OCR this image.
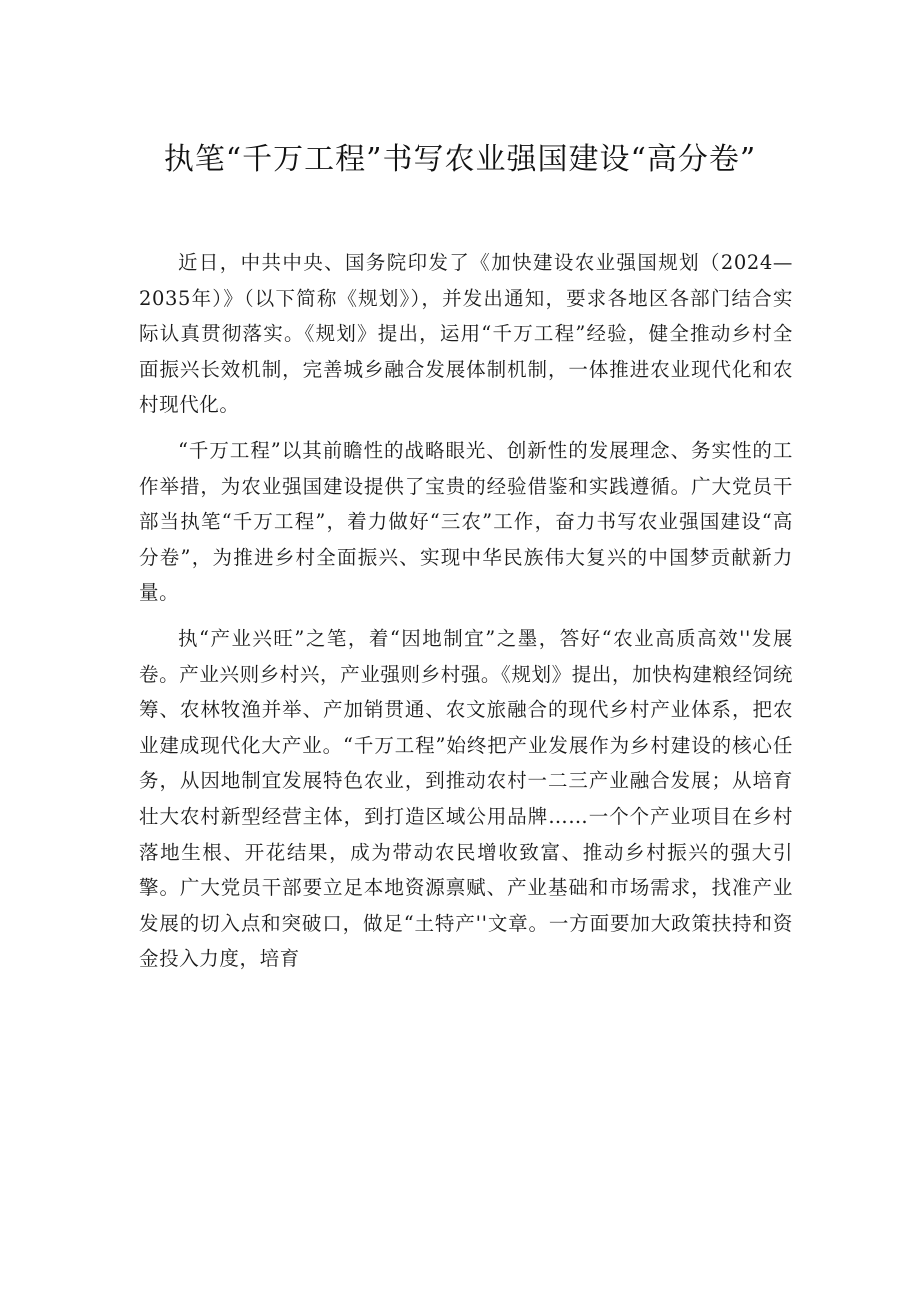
执笔“千万工程”书写农业强国建设“高分卷”

近日，中共中央、国务院印发了《加快建设农业强国规划（2024—2035年）》（以下简称《规划》），并发出通知，要求各地区各部门结合实际认真贯彻落实。《规划》提出，运用“千万工程”经验，健全推动乡村全面振兴长效机制，完善城乡融合发展体制机制，一体推进农业现代化和农村现代化。

“千万工程”以其前瞻性的战略眼光、创新性的发展理念、务实性的工作举措，为农业强国建设提供了宝贵的经验借鉴和实践遵循。广大党员干部当执笔“千万工程”，着力做好“三农”工作，奋力书写农业强国建设“高分卷”，为推进乡村全面振兴、实现中华民族伟大复兴的中国梦贡献新力量。

执“产业兴旺”之笔，着“因地制宜”之墨，答好“农业高质高效''发展卷。产业兴则乡村兴，产业强则乡村强。《规划》提出，加快构建粮经饲统筹、农林牧渔并举、产加销贯通、农文旅融合的现代乡村产业体系，把农业建成现代化大产业。“千万工程”始终把产业发展作为乡村建设的核心任务，从因地制宜发展特色农业，到推动农村一二三产业融合发展；从培育壮大农村新型经营主体，到打造区域公用品牌……一个个产业项目在乡村落地生根、开花结果，成为带动农民增收致富、推动乡村振兴的强大引擎。广大党员干部要立足本地资源禀赋、产业基础和市场需求，找准产业发展的切入点和突破口，做足“土特产''文章。一方面要加大政策扶持和资金投入力度，培育
